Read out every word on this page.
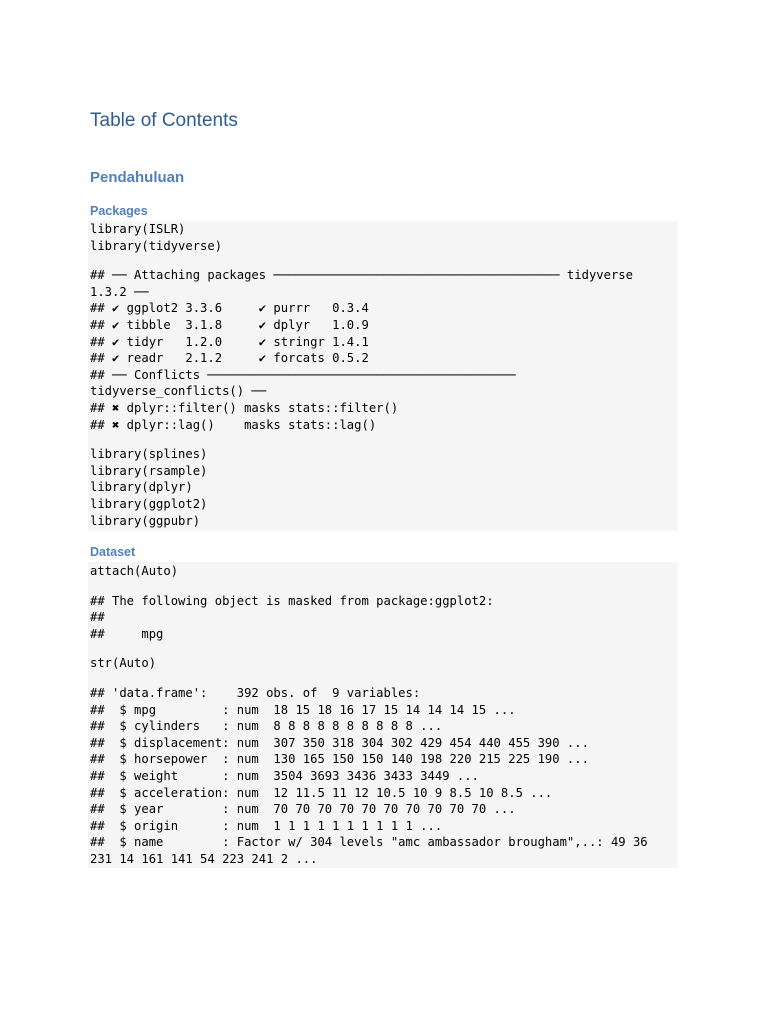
Table of Contents
Pendahuluan
Packages
library(ISLR)
library(tidyverse)
## ── Attaching packages ─────────────────────────────────────── tidyverse
1.3.2 ──
## ✔ ggplot2 3.3.6     ✔ purrr   0.3.4
## ✔ tibble  3.1.8     ✔ dplyr   1.0.9
## ✔ tidyr   1.2.0     ✔ stringr 1.4.1
## ✔ readr   2.1.2     ✔ forcats 0.5.2
## ── Conflicts ──────────────────────────────────────────
tidyverse_conflicts() ──
## ✖ dplyr::filter() masks stats::filter()
## ✖ dplyr::lag()    masks stats::lag()
library(splines)
library(rsample)
library(dplyr)
library(ggplot2)
library(ggpubr)
Dataset
attach(Auto)
## The following object is masked from package:ggplot2:
##
##     mpg
str(Auto)
## 'data.frame':    392 obs. of  9 variables:
##  $ mpg         : num  18 15 18 16 17 15 14 14 14 15 ...
##  $ cylinders   : num  8 8 8 8 8 8 8 8 8 8 ...
##  $ displacement: num  307 350 318 304 302 429 454 440 455 390 ...
##  $ horsepower  : num  130 165 150 150 140 198 220 215 225 190 ...
##  $ weight      : num  3504 3693 3436 3433 3449 ...
##  $ acceleration: num  12 11.5 11 12 10.5 10 9 8.5 10 8.5 ...
##  $ year        : num  70 70 70 70 70 70 70 70 70 70 ...
##  $ origin      : num  1 1 1 1 1 1 1 1 1 1 ...
##  $ name        : Factor w/ 304 levels "amc ambassador brougham",..: 49 36
231 14 161 141 54 223 241 2 ...
